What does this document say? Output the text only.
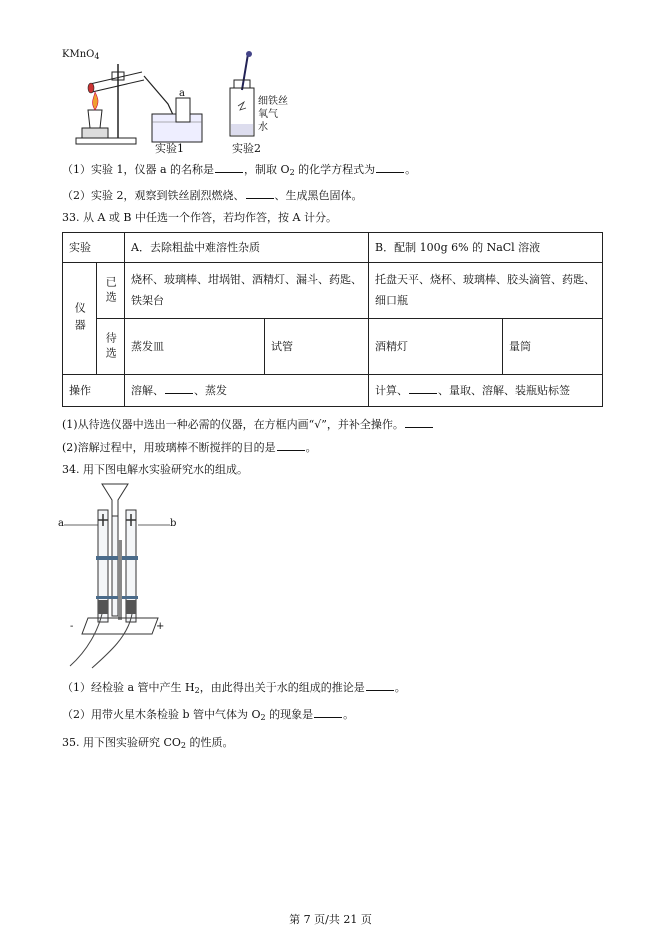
KMnO$_4$
a
实验1
细铁丝
氧气
水
实验2
（1）实验 1，仪器 a 的名称是	，制取 $O_2$ 的化学方程式为	。
（2）实验 2，观察到铁丝剧烈燃烧、	、生成黑色固体。
33. 从 A 或 B 中任选一个作答，若均作答，按 A 计分。
实验		A．去除粗盐中难溶性杂质		B．配制 100g 6% 的 NaCl 溶液	
仪器	已选	烧杯、玻璃棒、坩埚钳、酒精灯、漏斗、药匙、铁架台		托盘天平、烧杯、玻璃棒、胶头滴管、药匙、细口瓶	
	待选	蒸发皿	试管	酒精灯	量筒
操作		溶解、 、蒸发		计算、 、量取、溶解、装瓶贴标签	
(1)从待选仪器中选出一种必需的仪器，在方框内画“√”，并补全操作。
(2)溶解过程中，用玻璃棒不断搅拌的目的是	。
34. 用下图电解水实验研究水的组成。
a	b
-	+
（1）经检验 a 管中产生 $H_2$，由此得出关于水的组成的推论是	。
（2）用带火星木条检验 b 管中气体为 $O_2$ 的现象是	。
35. 用下图实验研究 $CO_2$ 的性质。
第 7 页/共 21 页
